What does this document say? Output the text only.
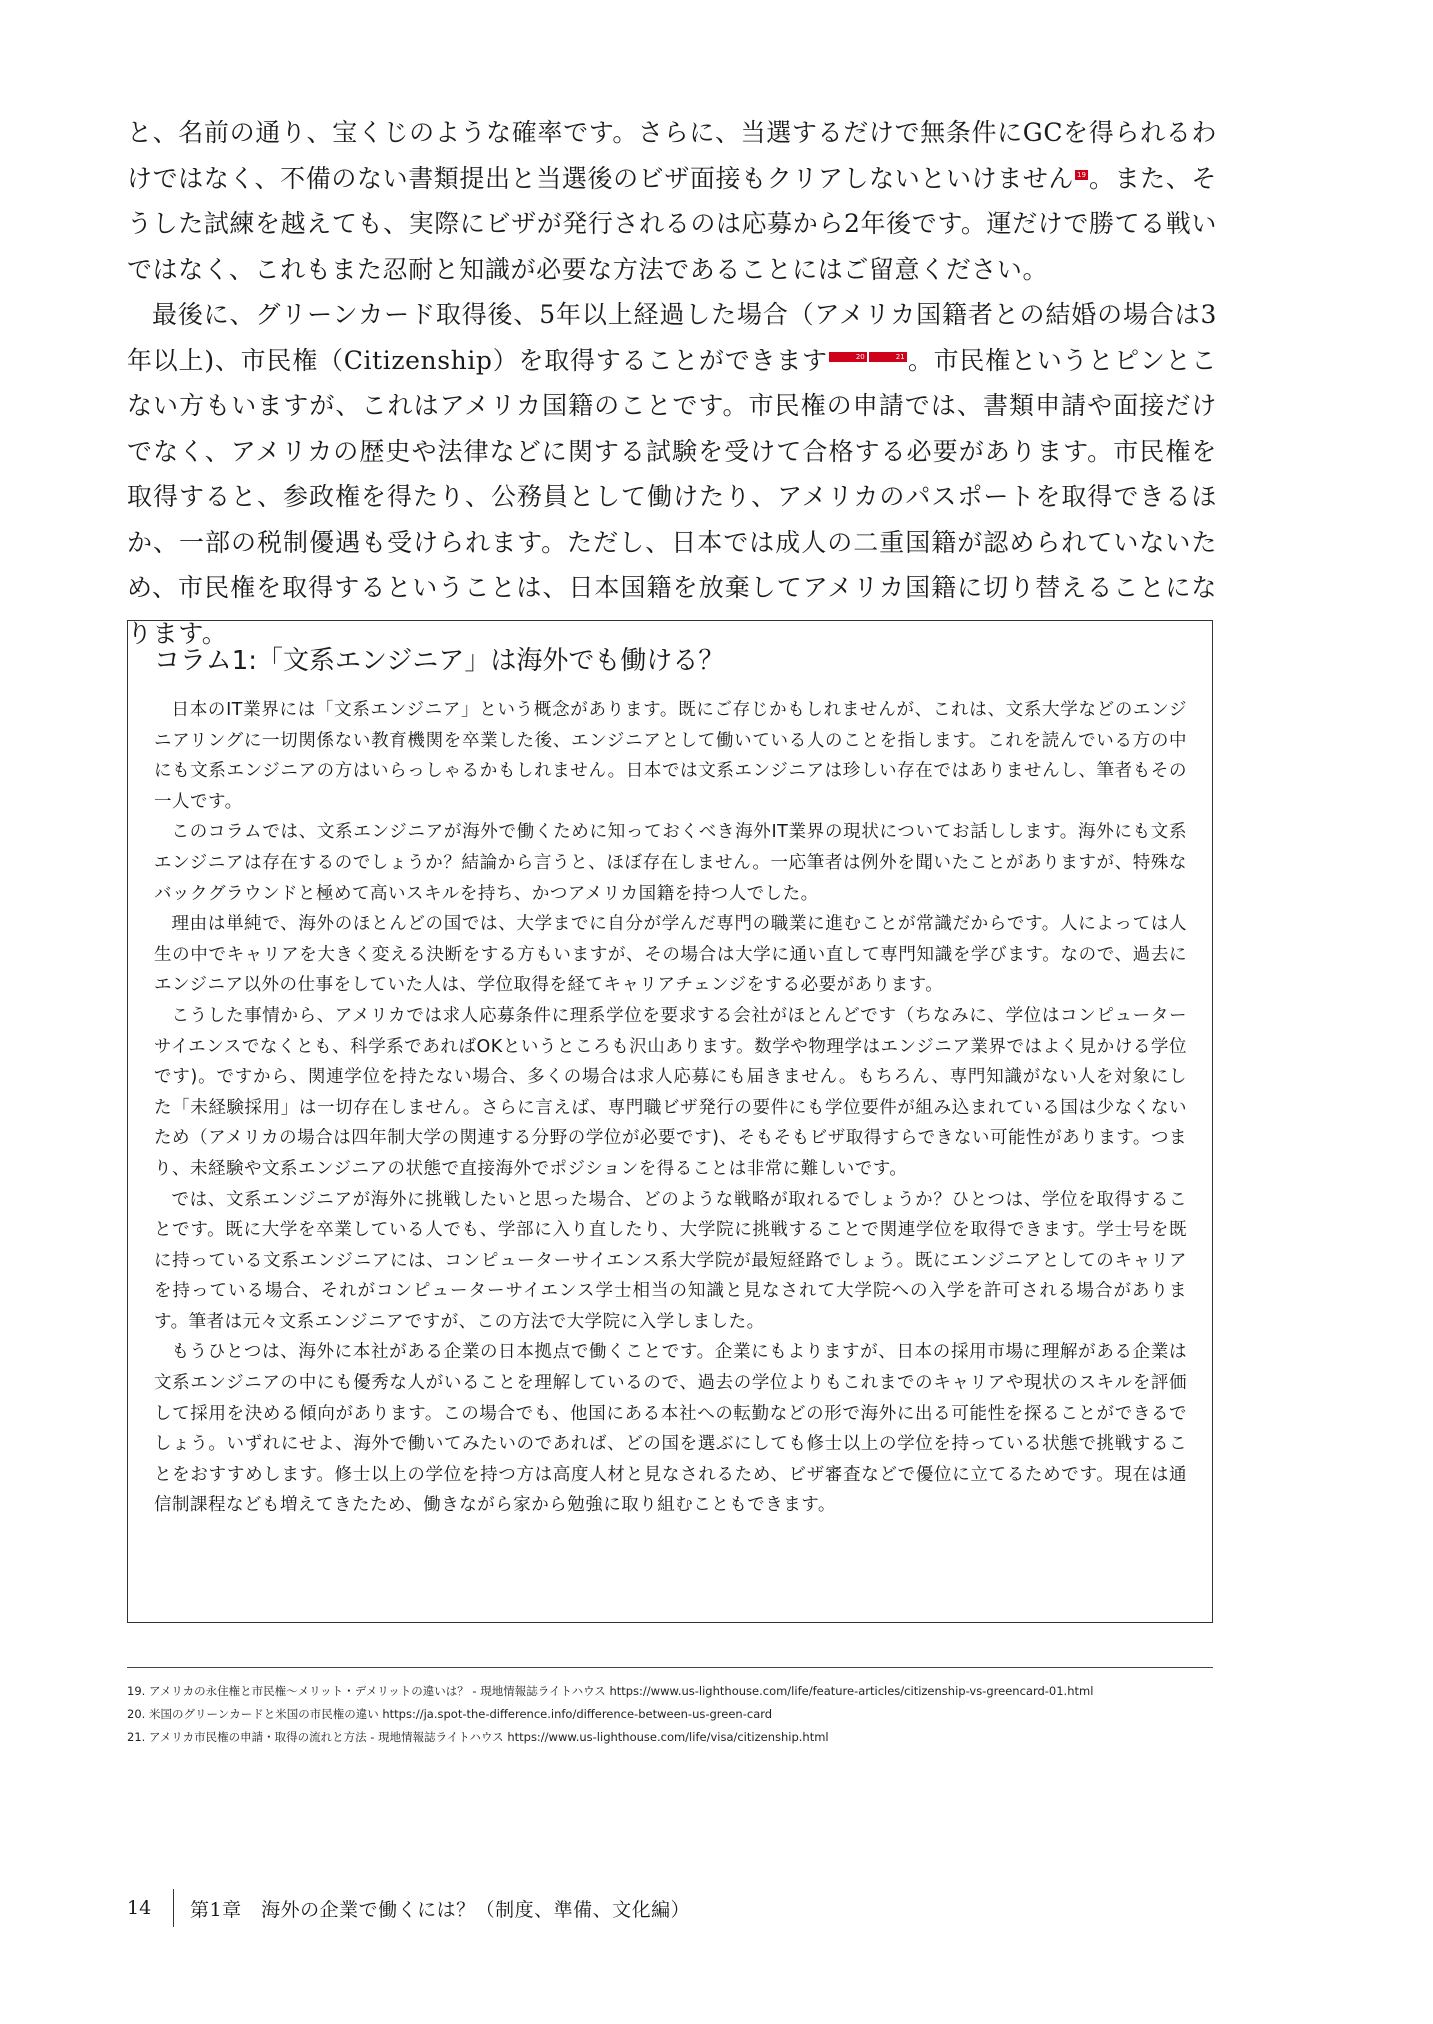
と、名前の通り、宝くじのような確率です。さらに、当選するだけで無条件にGCを得られるわけではなく、不備のない書類提出と当選後のビザ面接もクリアしないといけません 19 。また、そうした試練を越えても、実際にビザが発行されるのは応募から2年後です。運だけで勝てる戦いではなく、これもまた忍耐と知識が必要な方法であることにはご留意ください。

最後に、グリーンカード取得後、5年以上経過した場合（アメリカ国籍者との結婚の場合は3年以上)、市民権（Citizenship）を取得することができます	20	21 。市民権というとピンとこない方もいますが、これはアメリカ国籍のことです。市民権の申請では、書類申請や面接だけでなく、アメリカの歴史や法律などに関する試験を受けて合格する必要があります。市民権を取得すると、参政権を得たり、公務員として働けたり、アメリカのパスポートを取得できるほか、一部の税制優遇も受けられます。ただし、日本では成人の二重国籍が認められていないため、市民権を取得するということは、日本国籍を放棄してアメリカ国籍に切り替えることになります。

コラム1:「文系エンジニア」は海外でも働ける？

日本のIT業界には「文系エンジニア」という概念があります。既にご存じかもしれませんが、これは、文系大学などのエンジニアリングに一切関係ない教育機関を卒業した後、エンジニアとして働いている人のことを指します。これを読んでいる方の中にも文系エンジニアの方はいらっしゃるかもしれません。日本では文系エンジニアは珍しい存在ではありませんし、筆者もその一人です。

このコラムでは、文系エンジニアが海外で働くために知っておくべき海外IT業界の現状についてお話しします。海外にも文系エンジニアは存在するのでしょうか？結論から言うと、ほぼ存在しません。一応筆者は例外を聞いたことがありますが、特殊なバックグラウンドと極めて高いスキルを持ち、かつアメリカ国籍を持つ人でした。

理由は単純で、海外のほとんどの国では、大学までに自分が学んだ専門の職業に進むことが常識だからです。人によっては人生の中でキャリアを大きく変える決断をする方もいますが、その場合は大学に通い直して専門知識を学びます。なので、過去にエンジニア以外の仕事をしていた人は、学位取得を経てキャリアチェンジをする必要があります。

こうした事情から、アメリカでは求人応募条件に理系学位を要求する会社がほとんどです（ちなみに、学位はコンピューターサイエンスでなくとも、科学系であればOKというところも沢山あります。数学や物理学はエンジニア業界ではよく見かける学位です)。ですから、関連学位を持たない場合、多くの場合は求人応募にも届きません。もちろん、専門知識がない人を対象にした「未経験採用」は一切存在しません。さらに言えば、専門職ビザ発行の要件にも学位要件が組み込まれている国は少なくないため（アメリカの場合は四年制大学の関連する分野の学位が必要です)、そもそもビザ取得すらできない可能性があります。つまり、未経験や文系エンジニアの状態で直接海外でポジションを得ることは非常に難しいです。

では、文系エンジニアが海外に挑戦したいと思った場合、どのような戦略が取れるでしょうか？ひとつは、学位を取得することです。既に大学を卒業している人でも、学部に入り直したり、大学院に挑戦することで関連学位を取得できます。学士号を既に持っている文系エンジニアには、コンピューターサイエンス系大学院が最短経路でしょう。既にエンジニアとしてのキャリアを持っている場合、それがコンピューターサイエンス学士相当の知識と見なされて大学院への入学を許可される場合があります。筆者は元々文系エンジニアですが、この方法で大学院に入学しました。

もうひとつは、海外に本社がある企業の日本拠点で働くことです。企業にもよりますが、日本の採用市場に理解がある企業は文系エンジニアの中にも優秀な人がいることを理解しているので、過去の学位よりもこれまでのキャリアや現状のスキルを評価して採用を決める傾向があります。この場合でも、他国にある本社への転勤などの形で海外に出る可能性を探ることができるでしょう。いずれにせよ、海外で働いてみたいのであれば、どの国を選ぶにしても修士以上の学位を持っている状態で挑戦することをおすすめします。修士以上の学位を持つ方は高度人材と見なされるため、ビザ審査などで優位に立てるためです。現在は通信制課程なども増えてきたため、働きながら家から勉強に取り組むこともできます。

19. アメリカの永住権と市民権〜メリット・デメリットの違いは？ - 現地情報誌ライトハウス https://www.us-lighthouse.com/life/feature-articles/citizenship-vs-greencard-01.html
20. 米国のグリーンカードと米国の市民権の違い https://ja.spot-the-difference.info/difference-between-us-green-card
21. アメリカ市民権の申請・取得の流れと方法 - 現地情報誌ライトハウス https://www.us-lighthouse.com/life/visa/citizenship.html
14	第1章　海外の企業で働くには？（制度、準備、文化編）
